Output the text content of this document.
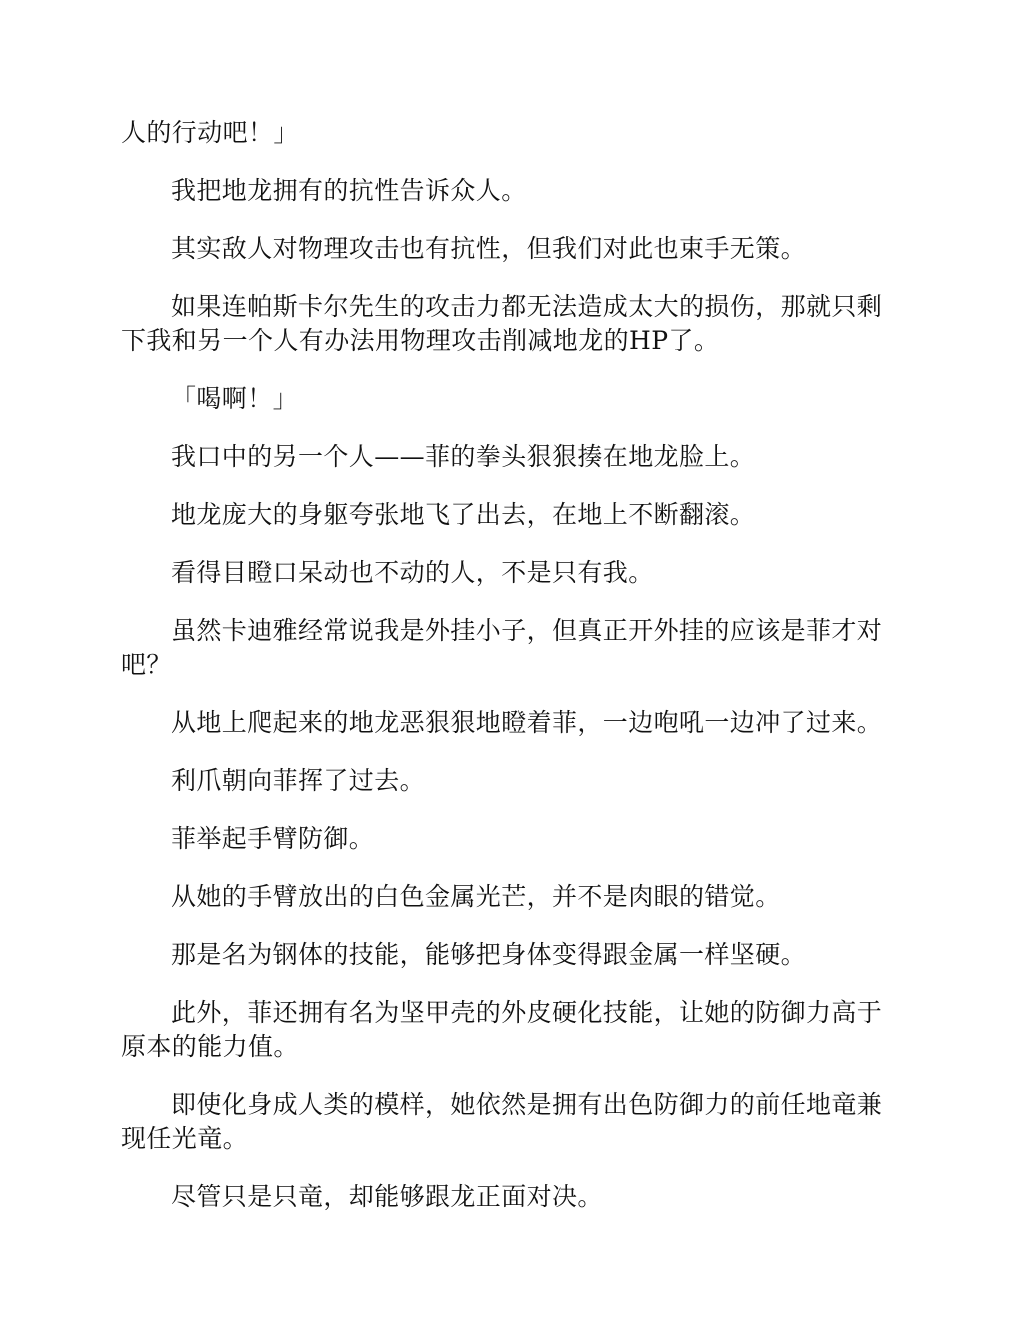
人的行动吧！」

我把地龙拥有的抗性告诉众人。

其实敌人对物理攻击也有抗性，但我们对此也束手无策。

如果连帕斯卡尔先生的攻击力都无法造成太大的损伤，那就只剩下我和另一个人有办法用物理攻击削减地龙的HP了。

「喝啊！」

我口中的另一个人——菲的拳头狠狠揍在地龙脸上。

地龙庞大的身躯夸张地飞了出去，在地上不断翻滚。

看得目瞪口呆动也不动的人，不是只有我。

虽然卡迪雅经常说我是外挂小子，但真正开外挂的应该是菲才对吧？

从地上爬起来的地龙恶狠狠地瞪着菲，一边咆吼一边冲了过来。

利爪朝向菲挥了过去。

菲举起手臂防御。

从她的手臂放出的白色金属光芒，并不是肉眼的错觉。

那是名为钢体的技能，能够把身体变得跟金属一样坚硬。

此外，菲还拥有名为坚甲壳的外皮硬化技能，让她的防御力高于原本的能力值。

即使化身成人类的模样，她依然是拥有出色防御力的前任地竜兼现任光竜。

尽管只是只竜，却能够跟龙正面对决。
